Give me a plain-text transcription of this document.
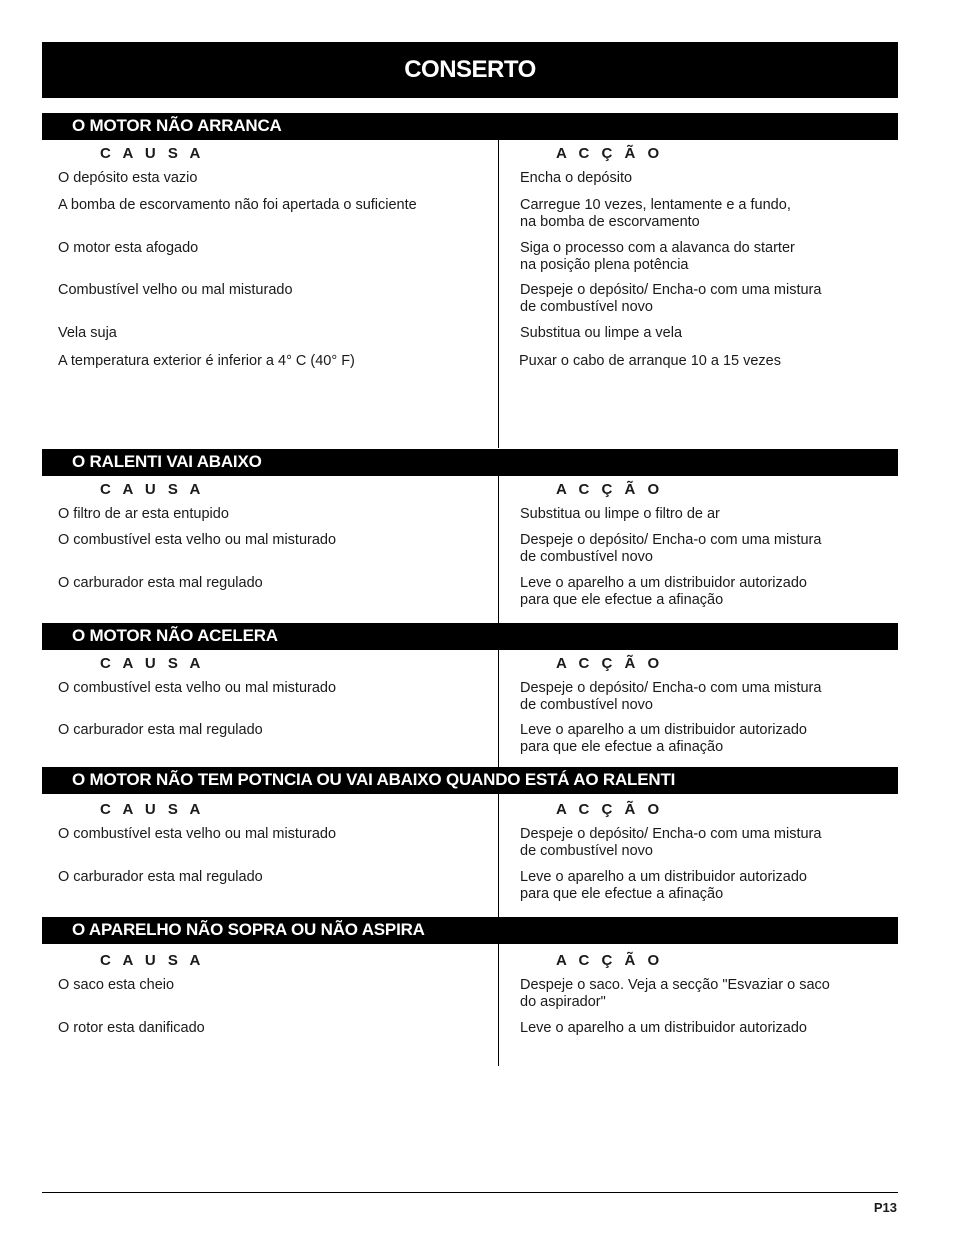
CONSERTO
O MOTOR NÃO ARRANCA
C A U S A	A C Ç Ã O
O depósito esta vazio	Encha o depósito
A bomba de escorvamento não foi apertada o suficiente	Carregue 10 vezes, lentamente e a fundo,
na bomba de escorvamento
O motor esta afogado	Siga o processo com a alavanca do starter
na posição plena potência
Combustível velho ou mal misturado	Despeje o depósito/ Encha-o com uma mistura
de combustível novo
Vela suja	Substitua ou limpe a vela
A temperatura exterior é inferior a 4° C (40° F)	Puxar o cabo de arranque 10 a 15 vezes
O RALENTI VAI ABAIXO
C A U S A	A C Ç Ã O
O filtro de ar esta entupido	Substitua ou limpe o filtro de ar
O combustível esta velho ou mal misturado	Despeje o depósito/ Encha-o com uma mistura
de combustível novo
O carburador esta mal regulado	Leve o aparelho a um distribuidor autorizado
para que ele efectue a afinação
O MOTOR NÃO ACELERA
C A U S A	A C Ç Ã O
O combustível esta velho ou mal misturado	Despeje o depósito/ Encha-o com uma mistura
de combustível novo
O carburador esta mal regulado	Leve o aparelho a um distribuidor autorizado
para que ele efectue a afinação
O MOTOR NÃO TEM POTNCIA OU VAI ABAIXO QUANDO ESTÁ AO RALENTI
C A U S A	A C Ç Ã O
O combustível esta velho ou mal misturado	Despeje o depósito/ Encha-o com uma mistura
de combustível novo
O carburador esta mal regulado	Leve o aparelho a um distribuidor autorizado
para que ele efectue a afinação
O APARELHO NÃO SOPRA OU NÃO ASPIRA
C A U S A	A C Ç Ã O
O saco esta cheio	Despeje o saco. Veja a secção "Esvaziar o saco
do aspirador"
O rotor esta danificado	Leve o aparelho a um distribuidor autorizado
P13
